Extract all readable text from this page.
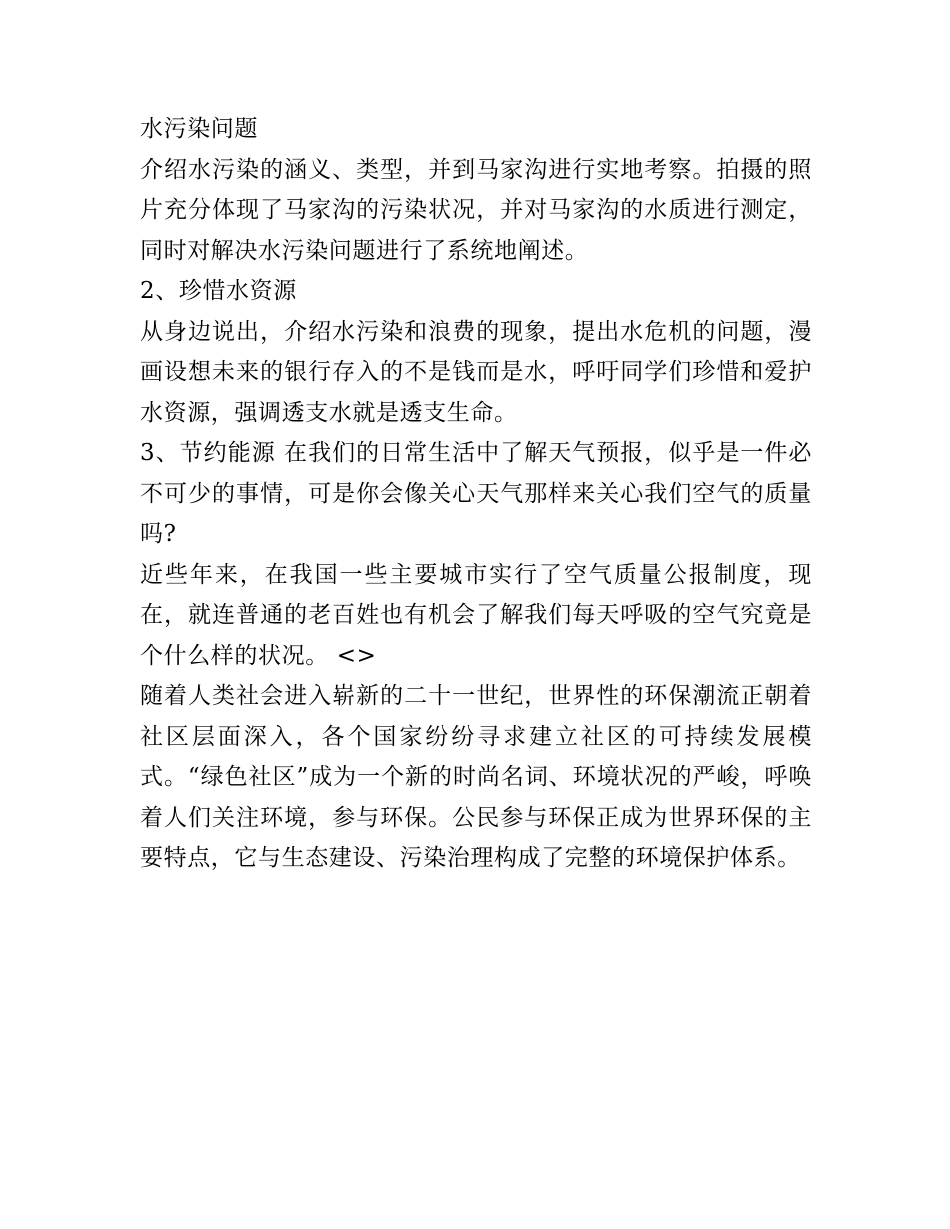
水污染问题

介绍水污染的涵义、类型，并到马家沟进行实地考察。拍摄的照片充分体现了马家沟的污染状况，并对马家沟的水质进行测定，同时对解决水污染问题进行了系统地阐述。

2、珍惜水资源

从身边说出，介绍水污染和浪费的现象，提出水危机的问题，漫画设想未来的银行存入的不是钱而是水，呼吁同学们珍惜和爱护水资源，强调透支水就是透支生命。

3、节约能源 在我们的日常生活中了解天气预报，似乎是一件必不可少的事情，可是你会像关心天气那样来关心我们空气的质量吗?

近些年来，在我国一些主要城市实行了空气质量公报制度，现在，就连普通的老百姓也有机会了解我们每天呼吸的空气究竟是个什么样的状况。 <>

随着人类社会进入崭新的二十一世纪，世界性的环保潮流正朝着社区层面深入，各个国家纷纷寻求建立社区的可持续发展模式。“绿色社区”成为一个新的时尚名词、环境状况的严峻，呼唤着人们关注环境，参与环保。公民参与环保正成为世界环保的主要特点，它与生态建设、污染治理构成了完整的环境保护体系。
